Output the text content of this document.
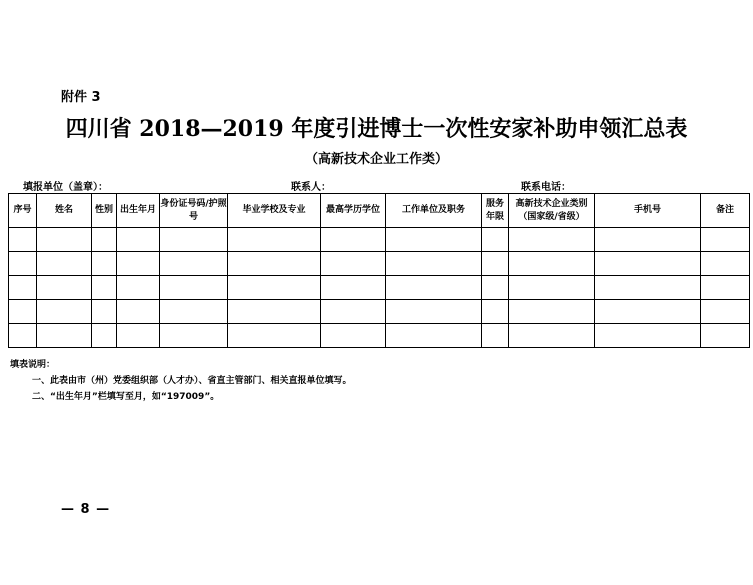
附件 3
四川省 2018—2019 年度引进博士一次性安家补助申领汇总表
（高新技术企业工作类）
填报单位（盖章）：	联系人：	联系电话：
序号	姓名	性别	出生年月	身份证号码/护照号	毕业学校及专业	最高学历学位	工作单位及职务	服务年限	高新技术企业类别（国家级/省级）	手机号	备注

填表说明：
一、此表由市（州）党委组织部（人才办）、省直主管部门、相关直报单位填写。
二、“出生年月”栏填写至月，如“197009”。
— 8 —
